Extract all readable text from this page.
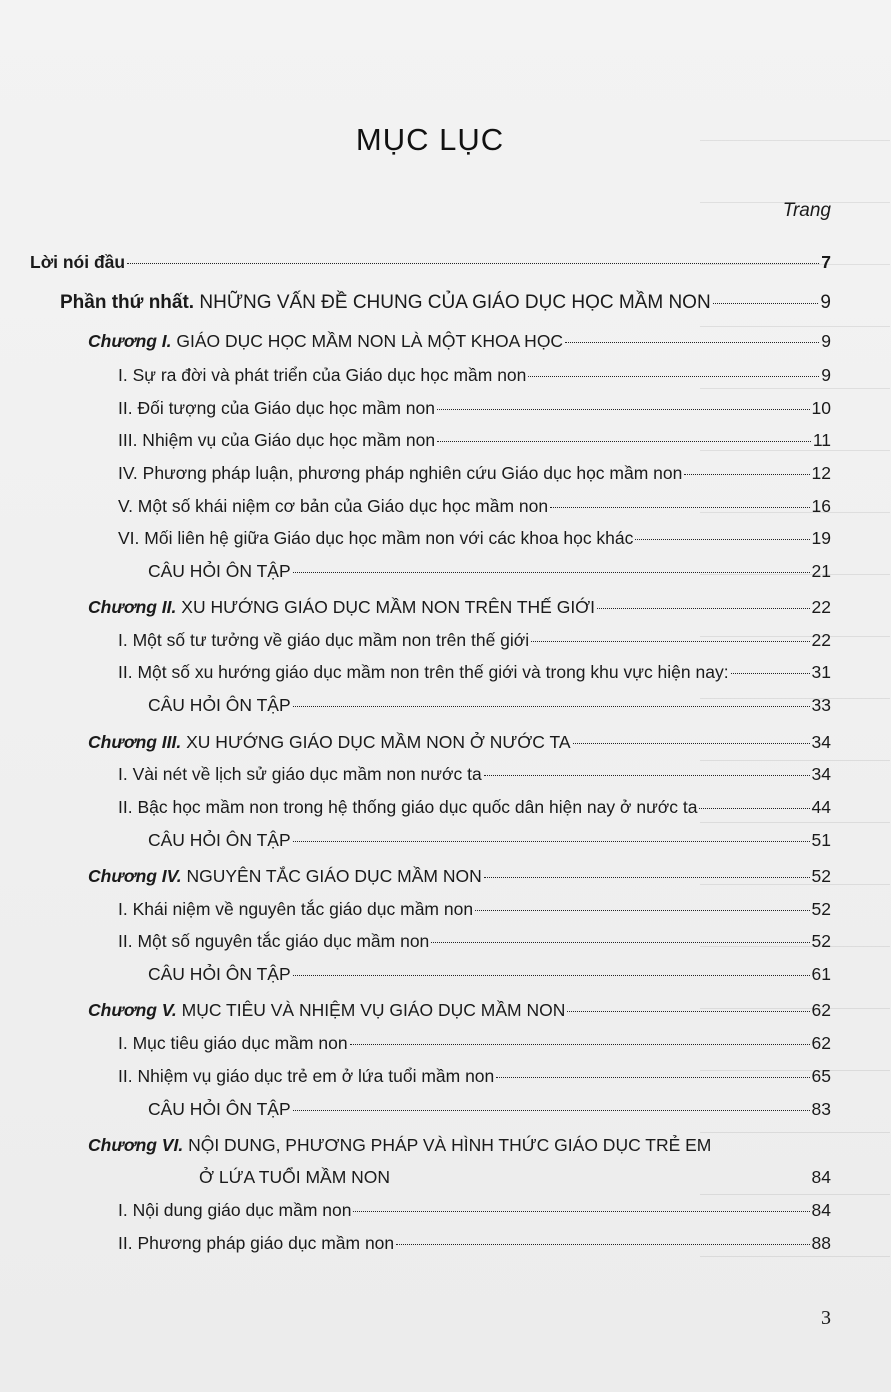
MỤC LỤC
Trang
Lời nói đầu	7
Phần thứ nhất. NHỮNG VẤN ĐỀ CHUNG CỦA GIÁO DỤC HỌC MẦM NON	9
Chương I. GIÁO DỤC HỌC MẦM NON LÀ MỘT KHOA HỌC	9
I. Sự ra đời và phát triển của Giáo dục học mầm non	9
II. Đối tượng của Giáo dục học mầm non	10
III. Nhiệm vụ của Giáo dục học mầm non	11
IV. Phương pháp luận, phương pháp nghiên cứu Giáo dục học mầm non	12
V. Một số khái niệm cơ bản của Giáo dục học mầm non	16
VI. Mối liên hệ giữa Giáo dục học mầm non với các khoa học khác	19
CÂU HỎI ÔN TẬP	21
Chương II. XU HƯỚNG GIÁO DỤC MẦM NON TRÊN THẾ GIỚI	22
I. Một số tư tưởng về giáo dục mầm non trên thế giới	22
II. Một số xu hướng giáo dục mầm non trên thế giới và trong khu vực hiện nay:	31
CÂU HỎI ÔN TẬP	33
Chương III. XU HƯỚNG GIÁO DỤC MẦM NON Ở NƯỚC TA	34
I. Vài nét về lịch sử giáo dục mầm non nước ta	34
II. Bậc học mầm non trong hệ thống giáo dục quốc dân hiện nay ở nước ta	44
CÂU HỎI ÔN TẬP	51
Chương IV. NGUYÊN TẮC GIÁO DỤC MẦM NON	52
I. Khái niệm về nguyên tắc giáo dục mầm non	52
II. Một số nguyên tắc giáo dục mầm non	52
CÂU HỎI ÔN TẬP	61
Chương V. MỤC TIÊU VÀ NHIỆM VỤ GIÁO DỤC MẦM NON	62
I. Mục tiêu giáo dục mầm non	62
II. Nhiệm vụ giáo dục trẻ em ở lứa tuổi mầm non	65
CÂU HỎI ÔN TẬP	83
Chương VI. NỘI DUNG, PHƯƠNG PHÁP VÀ HÌNH THỨC GIÁO DỤC TRẺ EM
Ở LỨA TUỔI MẦM NON	84
I. Nội dung giáo dục mầm non	84
II. Phương pháp giáo dục mầm non	88
3
